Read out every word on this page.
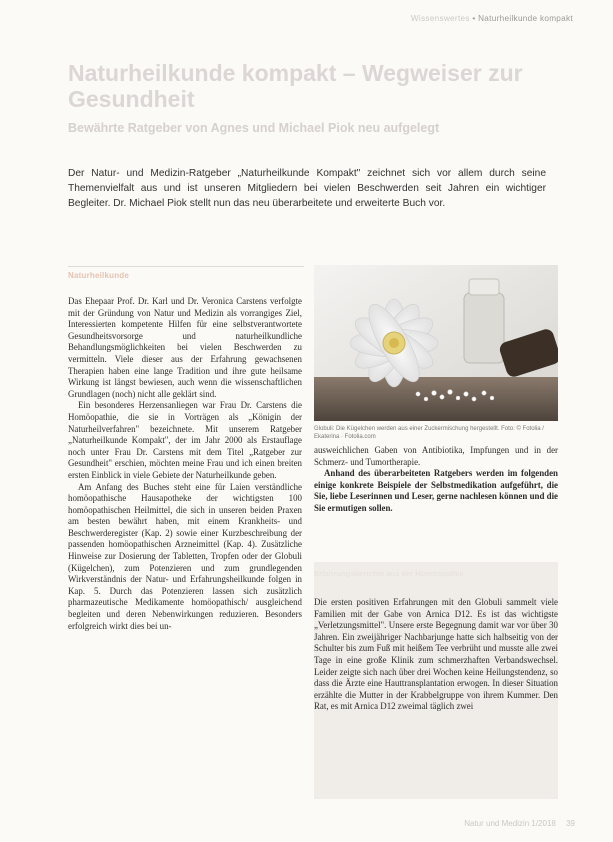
Wissenswertes • Naturheilkunde kompakt
Naturheilkunde kompakt – Wegweiser zur Gesundheit
Bewährte Ratgeber von Agnes und Michael Piok neu aufgelegt

Der Natur- und Medizin-Ratgeber „Naturheilkunde Kompakt" zeichnet sich vor allem durch seine Themenvielfalt aus und ist unseren Mitgliedern bei vielen Beschwerden seit Jahren ein wichtiger Begleiter. Dr. Michael Piok stellt nun das neu überarbeitete und erweiterte Buch vor.

Naturheilkunde

Das Ehepaar Prof. Dr. Karl und Dr. Veronica Carstens verfolgte mit der Gründung von Natur und Medizin als vorrangiges Ziel, Interessierten kompetente Hilfen für eine selbstverantwortete Gesundheitsvorsorge und naturheilkundliche Behandlungsmöglichkeiten bei vielen Beschwerden zu vermitteln. Viele dieser aus der Erfahrung gewachsenen Therapien haben eine lange Tradition und ihre gute heilsame Wirkung ist längst bewiesen, auch wenn die wissenschaftlichen Grundlagen (noch) nicht alle geklärt sind.

Ein besonderes Herzensanliegen war Frau Dr. Carstens die Homöopathie, die sie in Vorträgen als „Königin der Naturheilverfahren" bezeichnete. Mit unserem Ratgeber „Naturheilkunde Kompakt", der im Jahr 2000 als Erstauflage noch unter Frau Dr. Carstens mit dem Titel „Ratgeber zur Gesundheit" erschien, möchten meine Frau und ich einen breiten ersten Einblick in viele Gebiete der Naturheilkunde geben.

Am Anfang des Buches steht eine für Laien verständliche homöopathische Hausapotheke der wichtigsten 100 homöopathischen Heilmittel, die sich in unseren beiden Praxen am besten bewährt haben, mit einem Krankheits- und Beschwerderegister (Kap. 2) sowie einer Kurzbeschreibung der passenden homöopathischen Arzneimittel (Kap. 4). Zusätzliche Hinweise zur Dosierung der Tabletten, Tropfen oder der Globuli (Kügelchen), zum Potenzieren und zum grundlegenden Wirkverständnis der Natur- und Erfahrungsheilkunde folgen in Kap. 5. Durch das Potenzieren lassen sich zusätzlich pharmazeutische Medikamente homöopathisch/ ausgleichend begleiten und deren Nebenwirkungen reduzieren. Besonders erfolgreich wirkt dies bei un-

Globuli: Die Kügelchen werden aus einer Zuckermischung hergestellt. Foto: © Fotolia / Ekaterina · Fotolia.com

ausweichlichen Gaben von Antibiotika, Impfungen und in der Schmerz- und Tumortherapie.

Anhand des überarbeiteten Ratgebers werden im folgenden einige konkrete Beispiele der Selbstmedikation aufgeführt, die Sie, liebe Leserinnen und Leser, gerne nachlesen können und die Sie ermutigen sollen.

Erfahrungsberichte aus der Homöopathie
Die ersten positiven Erfahrungen mit den Globuli sammelt viele Familien mit der Gabe von Arnica D12. Es ist das wichtigste „Verletzungsmittel". Unsere erste Begegnung damit war vor über 30 Jahren. Ein zweijähriger Nachbarjunge hatte sich halbseitig von der Schulter bis zum Fuß mit heißem Tee verbrüht und musste alle zwei Tage in eine große Klinik zum schmerzhaften Verbandswechsel. Leider zeigte sich nach über drei Wochen keine Heilungstendenz, so dass die Ärzte eine Hauttransplantation erwogen. In dieser Situation erzählte die Mutter in der Krabbelgruppe von ihrem Kummer. Den Rat, es mit Arnica D12 zweimal täglich zwei
Natur und Medizin 1/2018 39
